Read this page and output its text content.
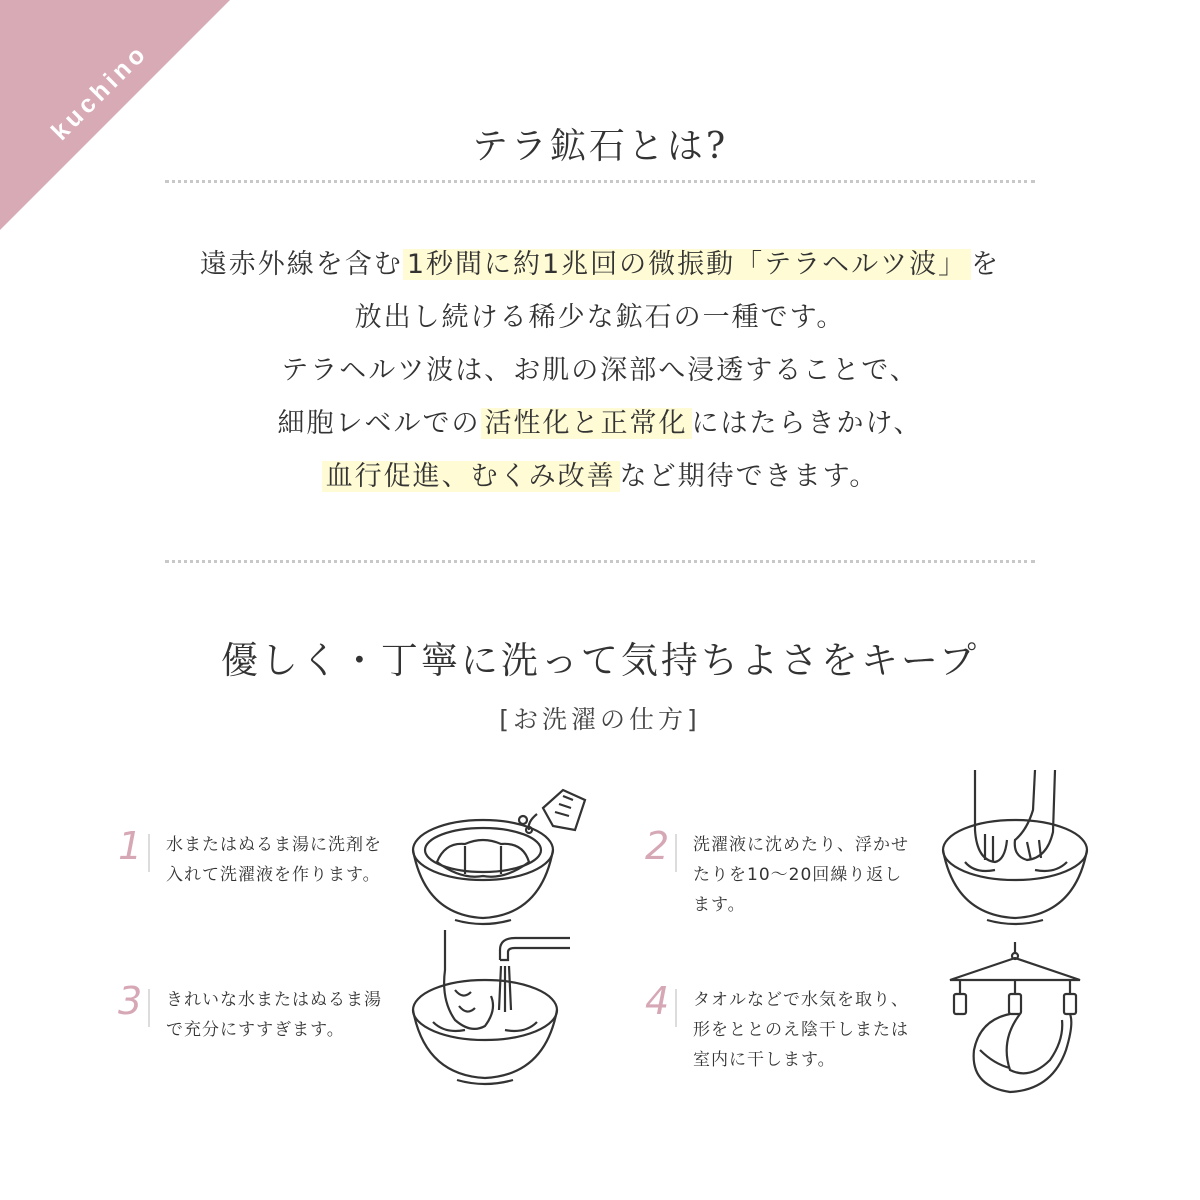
kuchino
テラ鉱石とは?
遠赤外線を含む 1秒間に約1兆回の微振動「テラヘルツ波」 を
放出し続ける稀少な鉱石の一種です。
テラヘルツ波は、お肌の深部へ浸透することで、
細胞レベルでの 活性化と正常化 にはたらきかけ、
血行促進、むくみ改善 など期待できます。
優しく・丁寧に洗って気持ちよさをキープ
[お洗濯の仕方]
1 水またはぬるま湯に洗剤を
入れて洗濯液を作ります。
2 洗濯液に沈めたり、浮かせ
たりを10〜20回繰り返し
ます。
3 きれいな水またはぬるま湯
で充分にすすぎます。
4 タオルなどで水気を取り、
形をととのえ陰干しまたは
室内に干します。
